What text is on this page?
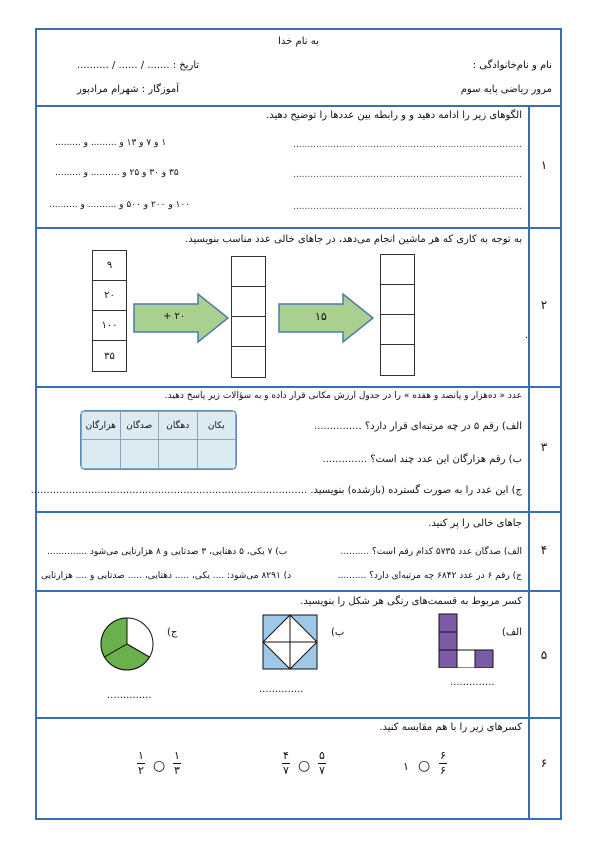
به نام خدا
نام و نام‌خانوادگی :
تاریخ : ....... / ...... / ..........
مرور ریاضی پایه سوم
آموزگار : شهرام مرادپور
۱
الگوهای زیر را ادامه دهید و و رابطه بین عددها را توضیح دهید.
۱ و ۷ و ۱۳ و ......... و .........	................................................................................
۳۵ و ۳۰ و ۲۵ و .......... و .........	................................................................................
۱۰۰ و ۲۰۰ و ۵۰۰ و .......... و ..........	................................................................................
۲
به توجه به کاری که هر ماشین انجام می‌دهد، در جاهای خالی عدد مناسب بنویسید.
۹
۲۰
۱۰۰
۳۵
+ ۲۰	۱۵
.
۳
عدد « ده‌هزار و پانصد و هفده » را در جدول ارزش مکانی قرار داده و به سؤالات زیر پاسخ دهید.
یکان	دهگان	صدگان	هزارگان
				الف) رقم ۵ در چه مرتبه‌ای قرار دارد؟ ...............
ب) رقم هزارگان این عدد چند است؟ ..............
ج) این عدد را به صورت گسترده (بازشده) بنویسید. .......................................................................................
۴
جاهای خالی را پر کنید.
الف) صدگان عدد ۵۷۳۵ کدام رقم است؟ ..........
ب) ۷ یکی، ۵ دهتایی، ۳ صدتایی و ۸ هزارتایی می‌شود ..............
ج) رقم ۶ در عدد ۶۸۴۲ چه مرتبه‌ای دارد؟ ..........
د) ۸۲۹۱ می‌شود: .... یکی، ..... دهتایی، ..... صدتایی و .... هزارتایی
۵
کسر مربوط به قسمت‌های رنگی هر شکل را بنویسید.
الف)
..............
ب)
..............
ج)
..............
۶
کسرهای زیر را با هم مقایسه کنید.
۶
۶
○
۱
۵
۷
○
۴
۷
۱
۳
○
۱
۲
